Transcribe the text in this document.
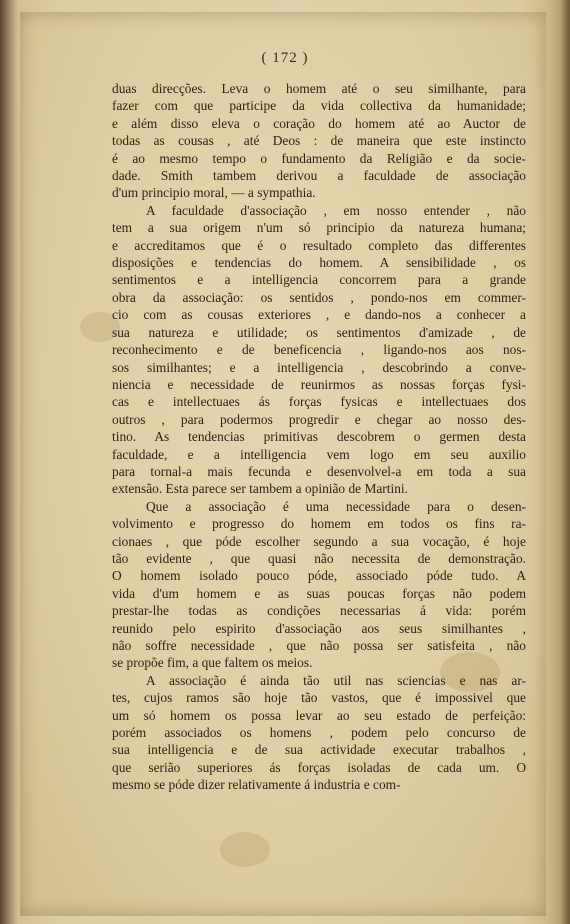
( 172 )
duas direcções. Leva o homem até o seu similhante, para
fazer com que participe da vida collectiva da humanidade;
e além disso eleva o coração do homem até ao Auctor de
todas as cousas , até Deos : de maneira que este instincto
é ao mesmo tempo o fundamento da Religião e da socie-
dade. Smith tambem derivou a faculdade de associação
d'um principio moral, — a sympathia.
A faculdade d'associação , em nosso entender , não
tem a sua origem n'um só principio da natureza humana;
e accreditamos que é o resultado completo das differentes
disposições e tendencias do homem. A sensibilidade , os
sentimentos e a intelligencia concorrem para a grande
obra da associação: os sentidos , pondo-nos em commer-
cio com as cousas exteriores , e dando-nos a conhecer a
sua natureza e utilidade; os sentimentos d'amizade , de
reconhecimento e de beneficencia , ligando-nos aos nos-
sos similhantes; e a intelligencia , descobrindo a conve-
niencia e necessidade de reunirmos as nossas forças fysi-
cas e intellectuaes ás forças fysicas e intellectuaes dos
outros , para podermos progredir e chegar ao nosso des-
tino. As tendencias primitivas descobrem o germen desta
faculdade, e a intelligencia vem logo em seu auxilio
para tornal-a mais fecunda e desenvolvel-a em toda a sua
extensão. Esta parece ser tambem a opinião de Martini.
Que a associação é uma necessidade para o desen-
volvimento e progresso do homem em todos os fins ra-
cionaes , que póde escolher segundo a sua vocação, é hoje
tão evidente , que quasi não necessita de demonstração.
O homem isolado pouco póde, associado póde tudo. A
vida d'um homem e as suas poucas forças não podem
prestar-lhe todas as condições necessarias á vida: porém
reunido pelo espirito d'associação aos seus similhantes ,
não soffre necessidade , que não possa ser satisfeita , não
se propõe fim, a que faltem os meios.
A associação é ainda tão util nas sciencias e nas ar-
tes, cujos ramos são hoje tão vastos, que é impossivel que
um só homem os possa levar ao seu estado de perfeição:
porém associados os homens , podem pelo concurso de
sua intelligencia e de sua actividade executar trabalhos ,
que serião superiores ás forças isoladas de cada um. O
mesmo se póde dizer relativamente á industria e com-
